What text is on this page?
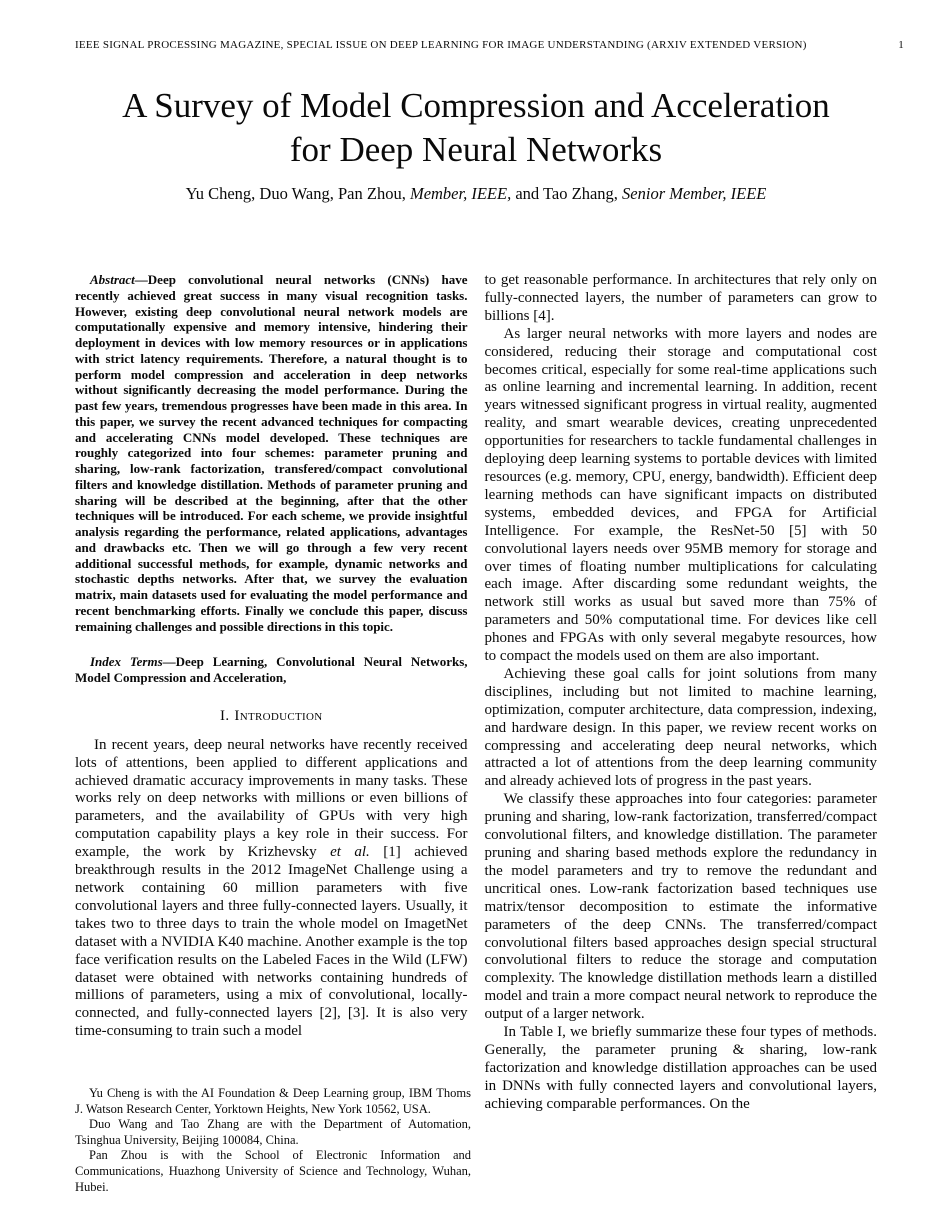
IEEE SIGNAL PROCESSING MAGAZINE, SPECIAL ISSUE ON DEEP LEARNING FOR IMAGE UNDERSTANDING (ARXIV EXTENDED VERSION)	1
A Survey of Model Compression and Acceleration
for Deep Neural Networks
Yu Cheng, Duo Wang, Pan Zhou, Member, IEEE, and Tao Zhang, Senior Member, IEEE

Abstract—Deep convolutional neural networks (CNNs) have recently achieved great success in many visual recognition tasks. However, existing deep convolutional neural network models are computationally expensive and memory intensive, hindering their deployment in devices with low memory resources or in applications with strict latency requirements. Therefore, a natural thought is to perform model compression and acceleration in deep networks without significantly decreasing the model performance. During the past few years, tremendous progresses have been made in this area. In this paper, we survey the recent advanced techniques for compacting and accelerating CNNs model developed. These techniques are roughly categorized into four schemes: parameter pruning and sharing, low-rank factorization, transfered/compact convolutional filters and knowledge distillation. Methods of parameter pruning and sharing will be described at the beginning, after that the other techniques will be introduced. For each scheme, we provide insightful analysis regarding the performance, related applications, advantages and drawbacks etc. Then we will go through a few very recent additional successful methods, for example, dynamic networks and stochastic depths networks. After that, we survey the evaluation matrix, main datasets used for evaluating the model performance and recent benchmarking efforts. Finally we conclude this paper, discuss remaining challenges and possible directions in this topic.

Index Terms—Deep Learning, Convolutional Neural Networks, Model Compression and Acceleration,

I. Introduction

In recent years, deep neural networks have recently received lots of attentions, been applied to different applications and achieved dramatic accuracy improvements in many tasks. These works rely on deep networks with millions or even billions of parameters, and the availability of GPUs with very high computation capability plays a key role in their success. For example, the work by Krizhevsky et al. [1] achieved breakthrough results in the 2012 ImageNet Challenge using a network containing 60 million parameters with five convolutional layers and three fully-connected layers. Usually, it takes two to three days to train the whole model on ImagetNet dataset with a NVIDIA K40 machine. Another example is the top face verification results on the Labeled Faces in the Wild (LFW) dataset were obtained with networks containing hundreds of millions of parameters, using a mix of convolutional, locally-connected, and fully-connected layers [2], [3]. It is also very time-consuming to train such a model

to get reasonable performance. In architectures that rely only on fully-connected layers, the number of parameters can grow to billions [4].

As larger neural networks with more layers and nodes are considered, reducing their storage and computational cost becomes critical, especially for some real-time applications such as online learning and incremental learning. In addition, recent years witnessed significant progress in virtual reality, augmented reality, and smart wearable devices, creating unprecedented opportunities for researchers to tackle fundamental challenges in deploying deep learning systems to portable devices with limited resources (e.g. memory, CPU, energy, bandwidth). Efficient deep learning methods can have significant impacts on distributed systems, embedded devices, and FPGA for Artificial Intelligence. For example, the ResNet-50 [5] with 50 convolutional layers needs over 95MB memory for storage and over times of floating number multiplications for calculating each image. After discarding some redundant weights, the network still works as usual but saved more than 75% of parameters and 50% computational time. For devices like cell phones and FPGAs with only several megabyte resources, how to compact the models used on them are also important.

Achieving these goal calls for joint solutions from many disciplines, including but not limited to machine learning, optimization, computer architecture, data compression, indexing, and hardware design. In this paper, we review recent works on compressing and accelerating deep neural networks, which attracted a lot of attentions from the deep learning community and already achieved lots of progress in the past years.

We classify these approaches into four categories: parameter pruning and sharing, low-rank factorization, transferred/compact convolutional filters, and knowledge distillation. The parameter pruning and sharing based methods explore the redundancy in the model parameters and try to remove the redundant and uncritical ones. Low-rank factorization based techniques use matrix/tensor decomposition to estimate the informative parameters of the deep CNNs. The transferred/compact convolutional filters based approaches design special structural convolutional filters to reduce the storage and computation complexity. The knowledge distillation methods learn a distilled model and train a more compact neural network to reproduce the output of a larger network.

In Table I, we briefly summarize these four types of methods. Generally, the parameter pruning & sharing, low-rank factorization and knowledge distillation approaches can be used in DNNs with fully connected layers and convolutional layers, achieving comparable performances. On the

Yu Cheng is with the AI Foundation & Deep Learning group, IBM Thoms J. Watson Research Center, Yorktown Heights, New York 10562, USA.

Duo Wang and Tao Zhang are with the Department of Automation, Tsinghua University, Beijing 100084, China.

Pan Zhou is with the School of Electronic Information and Communications, Huazhong University of Science and Technology, Wuhan, Hubei.
